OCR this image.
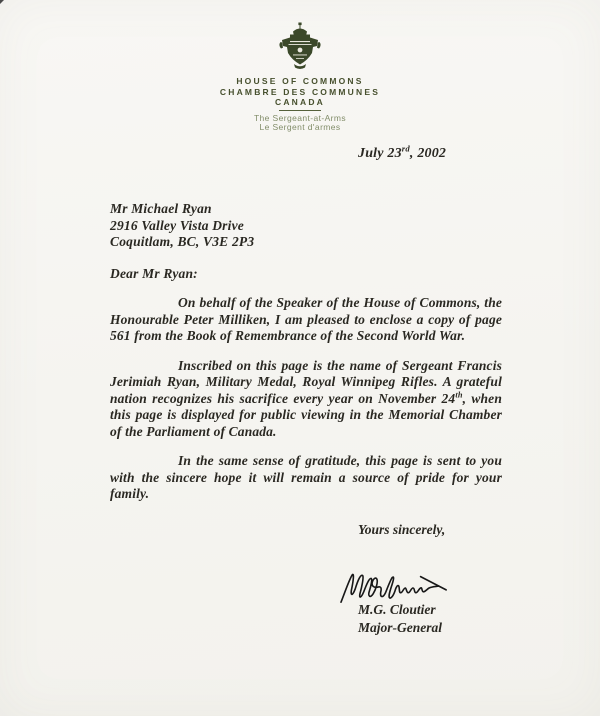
HOUSE OF COMMONS
CHAMBRE DES COMMUNES
CANADA
The Sergeant-at-Arms
Le Sergent d'armes
July 23rd, 2002
Mr Michael Ryan
2916 Valley Vista Drive
Coquitlam, BC, V3E 2P3
Dear Mr Ryan:

On behalf of the Speaker of the House of Commons, the Honourable Peter Milliken, I am pleased to enclose a copy of page 561 from the Book of Remembrance of the Second World War.

Inscribed on this page is the name of Sergeant Francis Jerimiah Ryan, Military Medal, Royal Winnipeg Rifles. A grateful nation recognizes his sacrifice every year on November 24th, when this page is displayed for public viewing in the Memorial Chamber of the Parliament of Canada.

In the same sense of gratitude, this page is sent to you with the sincere hope it will remain a source of pride for your family.

Yours sincerely,
M.G. Cloutier
Major-General
